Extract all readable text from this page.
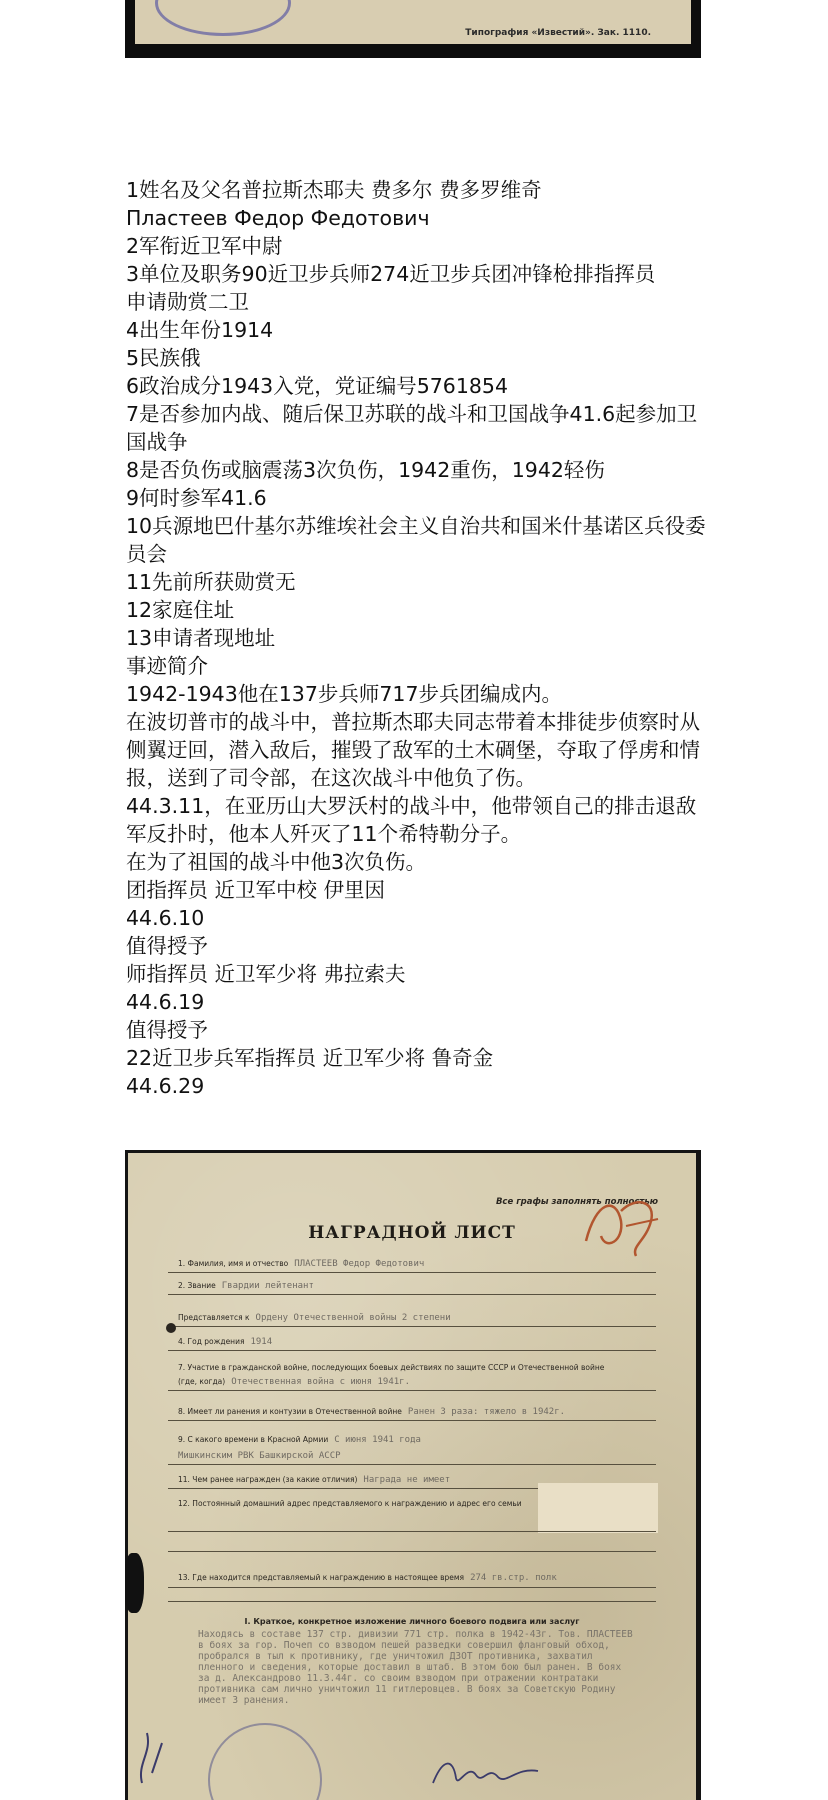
Типография «Известий». Зак. 1110.

1姓名及父名普拉斯杰耶夫 费多尔 费多罗维奇

Пластеев Федор Федотович

2军衔近卫军中尉

3单位及职务90近卫步兵师274近卫步兵团冲锋枪排指挥员

申请勋赏二卫

4出生年份1914

5民族俄

6政治成分1943入党，党证编号5761854

7是否参加内战、随后保卫苏联的战斗和卫国战争41.6起参加卫国战争

8是否负伤或脑震荡3次负伤，1942重伤，1942轻伤

9何时参军41.6

10兵源地巴什基尔苏维埃社会主义自治共和国米什基诺区兵役委员会

11先前所获勋赏无

12家庭住址

13申请者现地址

事迹简介

1942-1943他在137步兵师717步兵团编成内。

在波切普市的战斗中，普拉斯杰耶夫同志带着本排徒步侦察时从侧翼迂回，潜入敌后，摧毁了敌军的土木碉堡，夺取了俘虏和情报，送到了司令部，在这次战斗中他负了伤。

44.3.11，在亚历山大罗沃村的战斗中，他带领自己的排击退敌军反扑时，他本人歼灭了11个希特勒分子。

在为了祖国的战斗中他3次负伤。

团指挥员 近卫军中校 伊里因

44.6.10

值得授予

师指挥员 近卫军少将 弗拉索夫

44.6.19

值得授予

22近卫步兵军指挥员 近卫军少将 鲁奇金

44.6.29

Все графы заполнять полностью
НАГРАДНОЙ ЛИСТ
1. Фамилия, имя и отчество ПЛАСТЕЕВ Федор Федотович
2. Звание Гвардии лейтенант
Представляется к Ордену Отечественной войны 2 степени
4. Год рождения 1914
7. Участие в гражданской войне, последующих боевых действиях по защите СССР и Отечественной войне
(где, когда) Отечественная война с июня 1941г.
8. Имеет ли ранения и контузии в Отечественной войне Ранен 3 раза: тяжело в 1942г.
9. С какого времени в Красной Армии С июня 1941 года
Мишкинским РВК Башкирской АССР
11. Чем ранее награжден (за какие отличия) Награда не имеет
12. Постоянный домашний адрес представляемого к награждению и адрес его семьи
13. Где находится представляемый к награждению в настоящее время 274 гв.стр. полк
I. Краткое, конкретное изложение личного боевого подвига или заслуг
Находясь в составе 137 стр. дивизии 771 стр. полка в 1942-43г. Тов. ПЛАСТЕЕВ в боях за гор. Почеп со взводом пешей разведки совершил фланговый обход, пробрался в тыл к противнику, где уничтожил ДЗОТ противника, захватил пленного и сведения, которые доставил в штаб. В этом бою был ранен. В боях за д. Александрово 11.3.44г. со своим взводом при отражении контратаки противника сам лично уничтожил 11 гитлеровцев. В боях за Советскую Родину имеет 3 ранения.
